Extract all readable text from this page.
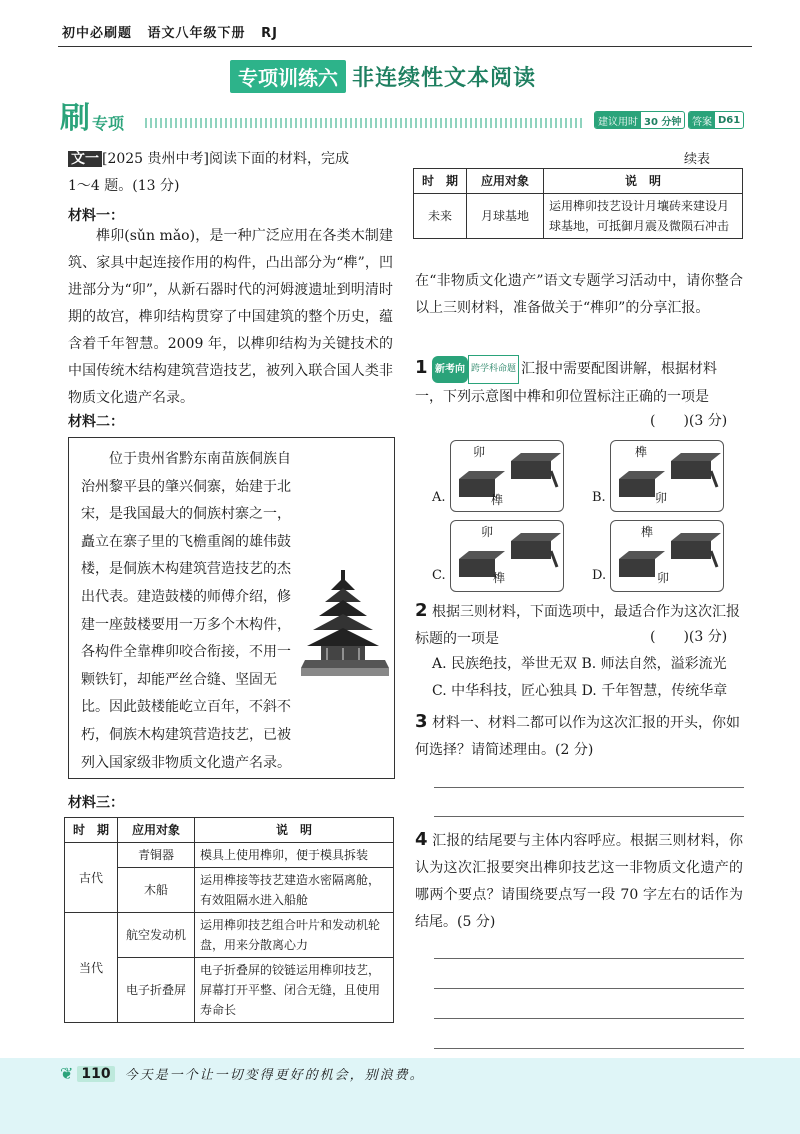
初中必刷题 语文八年级下册 RJ
专项训练六 非连续性文本阅读
刷 专项	建议用时 30 分钟	答案 D61
文一 [2025 贵州中考]阅读下面的材料，完成
1～4 题。(13 分)
材料一：
榫卯(sǔn mǎo)，是一种广泛应用在各类木制建筑、家具中起连接作用的构件，凸出部分为“榫”，凹进部分为“卯”，从新石器时代的河姆渡遗址到明清时期的故宫，榫卯结构贯穿了中国建筑的整个历史，蕴含着千年智慧。2009 年，以榫卯结构为关键技术的中国传统木结构建筑营造技艺，被列入联合国人类非物质文化遗产名录。
材料二：
位于贵州省黔东南苗族侗族自治州黎平县的肇兴侗寨，始建于北宋，是我国最大的侗族村寨之一，矗立在寨子里的飞檐重阁的雄伟鼓楼，是侗族木构建筑营造技艺的杰出代表。建造鼓楼的师傅介绍，修建一座鼓楼要用一万多个木构件，各构件全靠榫卯咬合衔接，不用一颗铁钉，却能严丝合缝、坚固无比。因此鼓楼能屹立百年，不斜不朽，侗族木构建筑营造技艺，已被列入国家级非物质文化遗产名录。
材料三：
时　期	应用对象	说　明
古代	青铜器	模具上使用榫卯，便于模具拆装
	木船	运用榫接等技艺建造水密隔离舱，有效阻隔水进入船舱
当代	航空发动机	运用榫卯技艺组合叶片和发动机轮盘，用来分散离心力
	电子折叠屏	电子折叠屏的铰链运用榫卯技艺，屏幕打开平整、闭合无缝，且使用寿命长
续表
时　期	应用对象	说　明
未来	月球基地	运用榫卯技艺设计月壤砖来建设月球基地，可抵御月震及微陨石冲击
在“非物质文化遗产”语文专题学习活动中，请你整合以上三则材料，准备做关于“榫卯”的分享汇报。
1 新考向 跨学科命题 汇报中需要配图讲解，根据材料一，下列示意图中榫和卯位置标注正确的一项是
(　　)(3 分)
A.	B.
C.	D.
卯
榫
榫
卯
卯
榫
榫
卯
2 根据三则材料，下面选项中，最适合作为这次汇报标题的一项是	(　　)(3 分)
A. 民族绝技，举世无双 B. 师法自然，溢彩流光
C. 中华科技，匠心独具 D. 千年智慧，传统华章
3 材料一、材料二都可以作为这次汇报的开头，你如何选择？请简述理由。(2 分)
4 汇报的结尾要与主体内容呼应。根据三则材料，你认为这次汇报要突出榫卯技艺这一非物质文化遗产的哪两个要点？请围绕要点写一段 70 字左右的话作为结尾。(5 分)
❦ 110	今天是一个让一切变得更好的机会，别浪费。
